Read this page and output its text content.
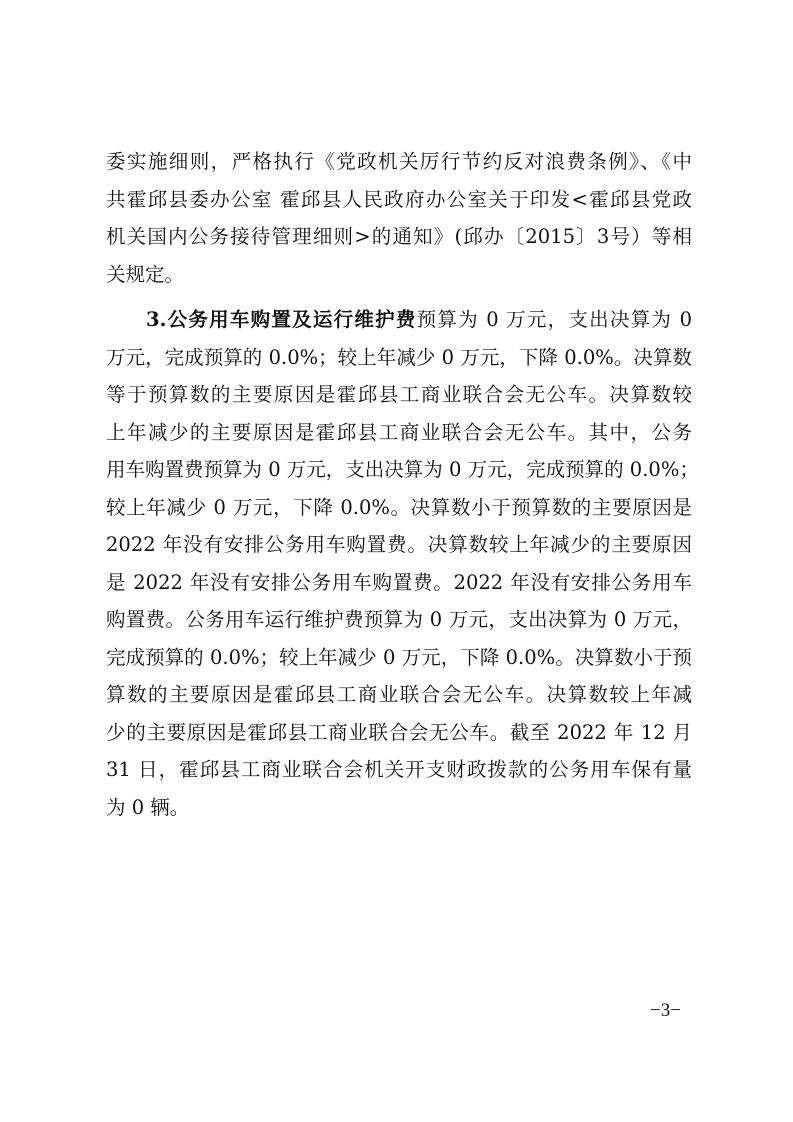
委实施细则，严格执行《党政机关厉行节约反对浪费条例》、《中
共霍邱县委办公室 霍邱县人民政府办公室关于印发<霍邱县党政
机关国内公务接待管理细则>的通知》(邱办〔2015〕3号）等相
关规定。
3.公务用车购置及运行维护费预算为 0 万元，支出决算为 0
万元，完成预算的 0.0%；较上年减少 0 万元，下降 0.0%。决算数
等于预算数的主要原因是霍邱县工商业联合会无公车。决算数较
上年减少的主要原因是霍邱县工商业联合会无公车。其中，公务
用车购置费预算为 0 万元，支出决算为 0 万元，完成预算的 0.0%；
较上年减少 0 万元，下降 0.0%。决算数小于预算数的主要原因是
2022 年没有安排公务用车购置费。决算数较上年减少的主要原因
是 2022 年没有安排公务用车购置费。2022 年没有安排公务用车
购置费。公务用车运行维护费预算为 0 万元，支出决算为 0 万元，
完成预算的 0.0%；较上年减少 0 万元，下降 0.0%。决算数小于预
算数的主要原因是霍邱县工商业联合会无公车。决算数较上年减
少的主要原因是霍邱县工商业联合会无公车。截至 2022 年 12 月
31 日，霍邱县工商业联合会机关开支财政拨款的公务用车保有量
为 0 辆。
−3−
